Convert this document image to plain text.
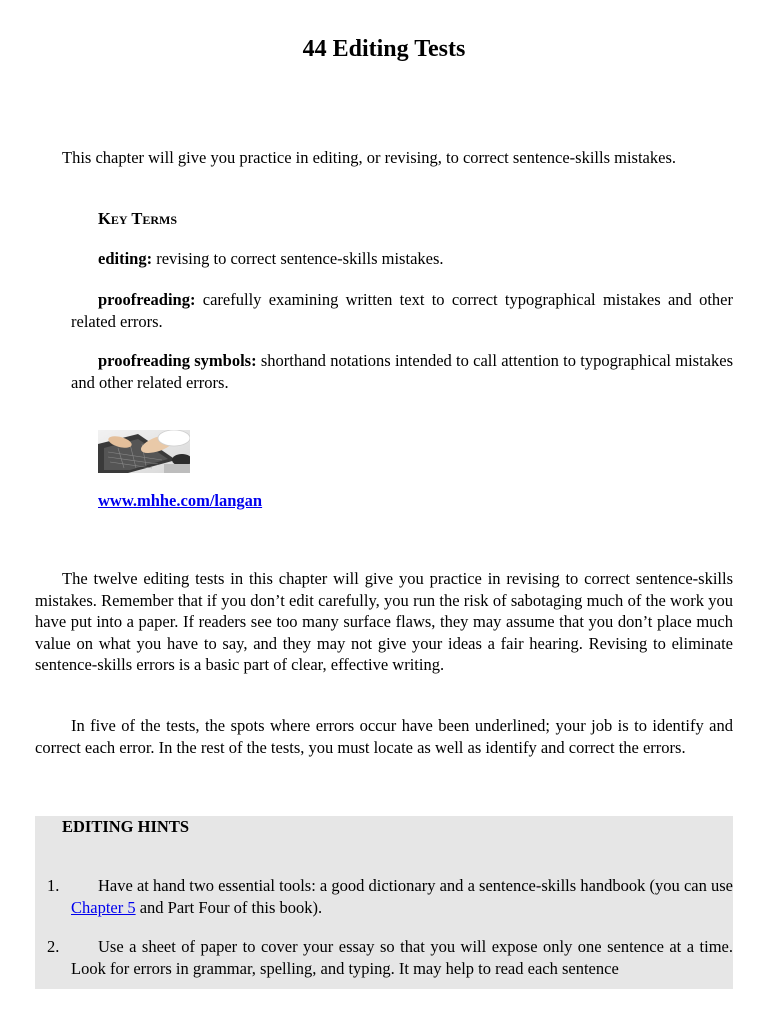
44 Editing Tests

This chapter will give you practice in editing, or revising, to correct sentence-skills mistakes.

Key Terms

editing: revising to correct sentence-skills mistakes.

proofreading: carefully examining written text to correct typographical mistakes and other related errors.

proofreading symbols: shorthand notations intended to call attention to typographical mistakes and other related errors.

www.mhhe.com/langan

The twelve editing tests in this chapter will give you practice in revising to correct sentence-skills mistakes. Remember that if you don’t edit carefully, you run the risk of sabotaging much of the work you have put into a paper. If readers see too many surface flaws, they may assume that you don’t place much value on what you have to say, and they may not give your ideas a fair hearing. Revising to eliminate sentence-skills errors is a basic part of clear, effective writing.

In five of the tests, the spots where errors occur have been underlined; your job is to identify and correct each error. In the rest of the tests, you must locate as well as identify and correct the errors.

EDITING HINTS

1.	Have at hand two essential tools: a good dictionary and a sentence-skills handbook (you can use Chapter 5 and Part Four of this book).
2.	Use a sheet of paper to cover your essay so that you will expose only one sentence at a time. Look for errors in grammar, spelling, and typing. It may help to read each sentence
